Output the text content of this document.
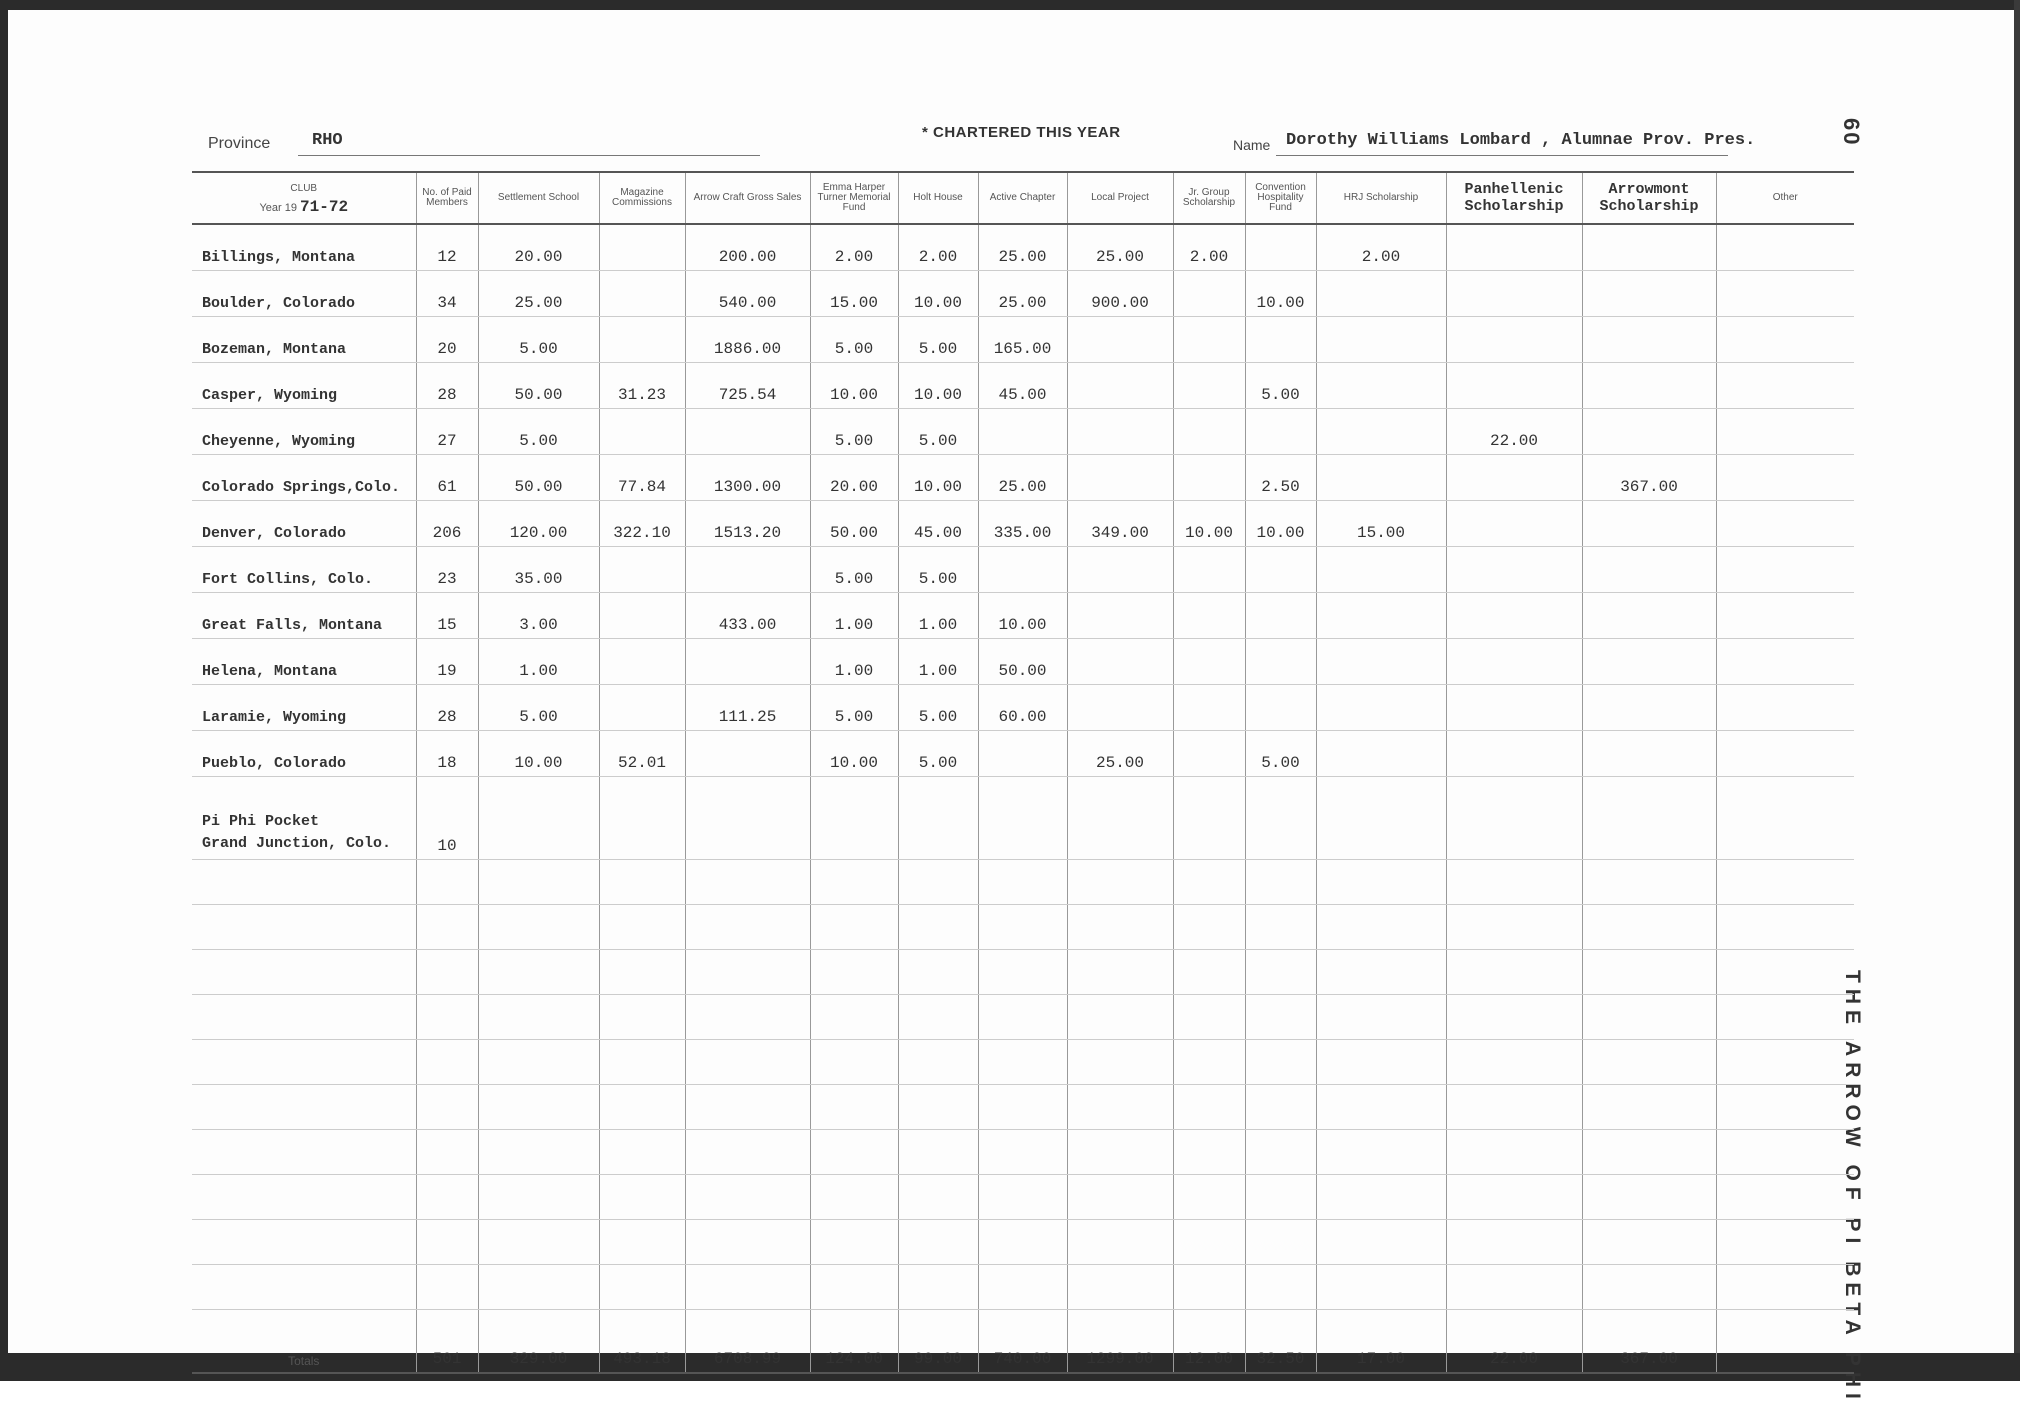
Province RHO	* CHARTERED THIS YEAR
Name Dorothy Williams Lombard , Alumnae Prov. Pres.	60
THE ARROW OF PI BETA PHI
CLUB
Year 19 71-72	No. of Paid Members	Settlement School	Magazine Commissions	Arrow Craft Gross Sales	Emma Harper Turner Memorial Fund	Holt House	Active Chapter	Local Project	Jr. Group Scholarship	Convention Hospitality Fund	HRJ Scholarship	Panhellenic Scholarship	Arrowmont Scholarship	Other
Billings, Montana	12	20.00		200.00	2.00	2.00	25.00	25.00	2.00		2.00			
Boulder, Colorado	34	25.00		540.00	15.00	10.00	25.00	900.00		10.00				
Bozeman, Montana	20	5.00		1886.00	5.00	5.00	165.00							
Casper, Wyoming	28	50.00	31.23	725.54	10.00	10.00	45.00			5.00				
Cheyenne, Wyoming	27	5.00			5.00	5.00						22.00		
Colorado Springs,Colo.	61	50.00	77.84	1300.00	20.00	10.00	25.00			2.50			367.00	
Denver, Colorado	206	120.00	322.10	1513.20	50.00	45.00	335.00	349.00	10.00	10.00	15.00			
Fort Collins, Colo.	23	35.00			5.00	5.00								
Great Falls, Montana	15	3.00		433.00	1.00	1.00	10.00							
Helena, Montana	19	1.00			1.00	1.00	50.00							
Laramie, Wyoming	28	5.00		111.25	5.00	5.00	60.00							
Pueblo, Colorado	18	10.00	52.01		10.00	5.00		25.00		5.00				
Pi Phi Pocket
Grand Junction, Colo.	10													

Totals	501	329.00	493.18	6708.99	124.00	99.00	740.00	1299.00	12.00	32.50	17.00	22.00	367.00	
